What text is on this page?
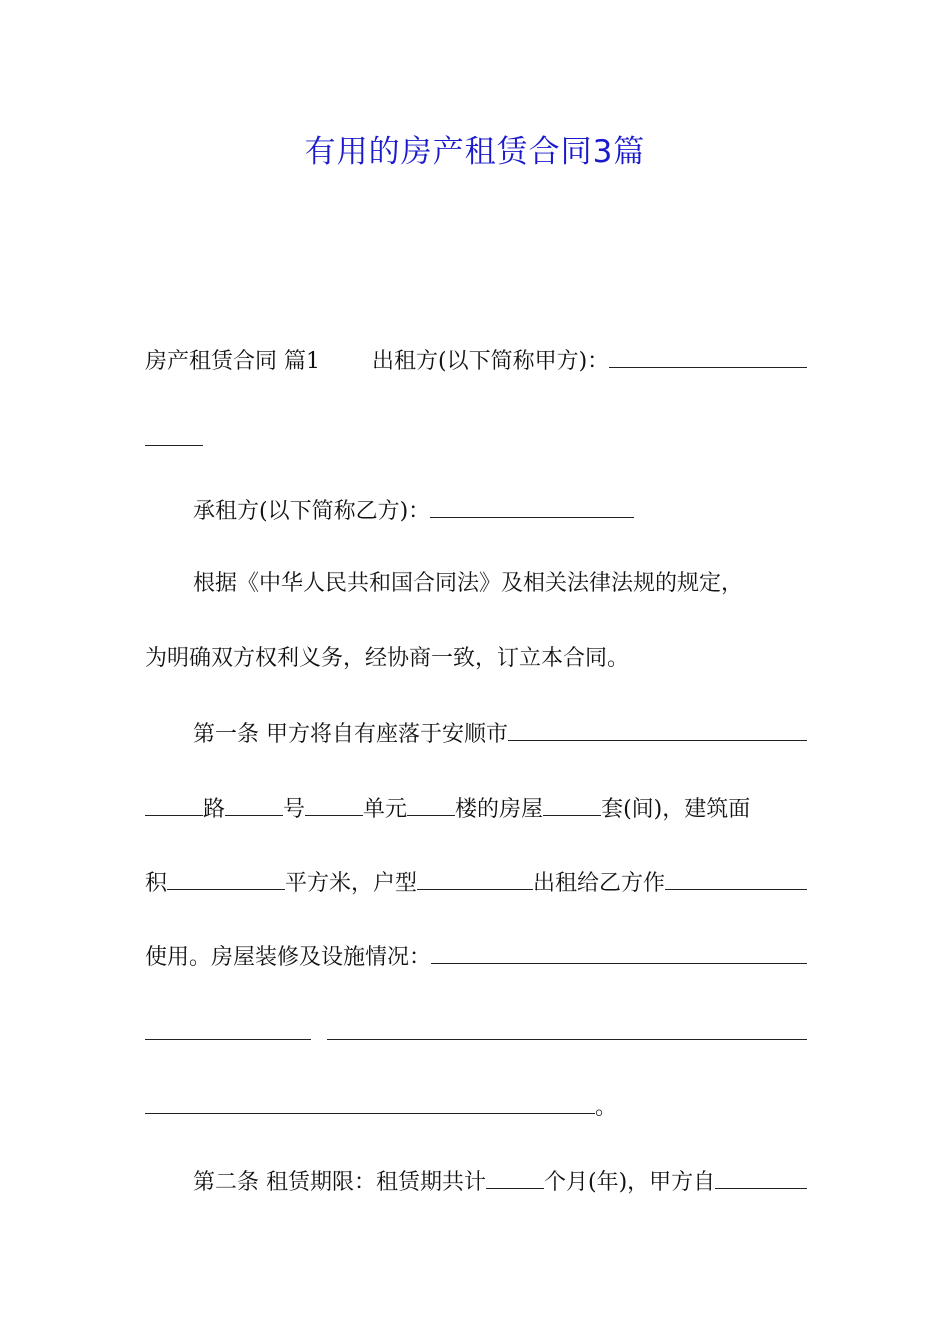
有用的房产租赁合同3篇
房产租赁合同 篇1 出租方(以下简称甲方)：
承租方(以下简称乙方)：
根据《中华人民共和国合同法》及相关法律法规的规定，
为明确双方权利义务，经协商一致，订立本合同。
第一条 甲方将自有座落于安顺市
路	号	单元 楼的房屋	套(间)，建筑面
积	平方米，户型	出租给乙方作
使用。房屋装修及设施情况：
。
第二条 租赁期限：租赁期共计	个月(年)，甲方自
